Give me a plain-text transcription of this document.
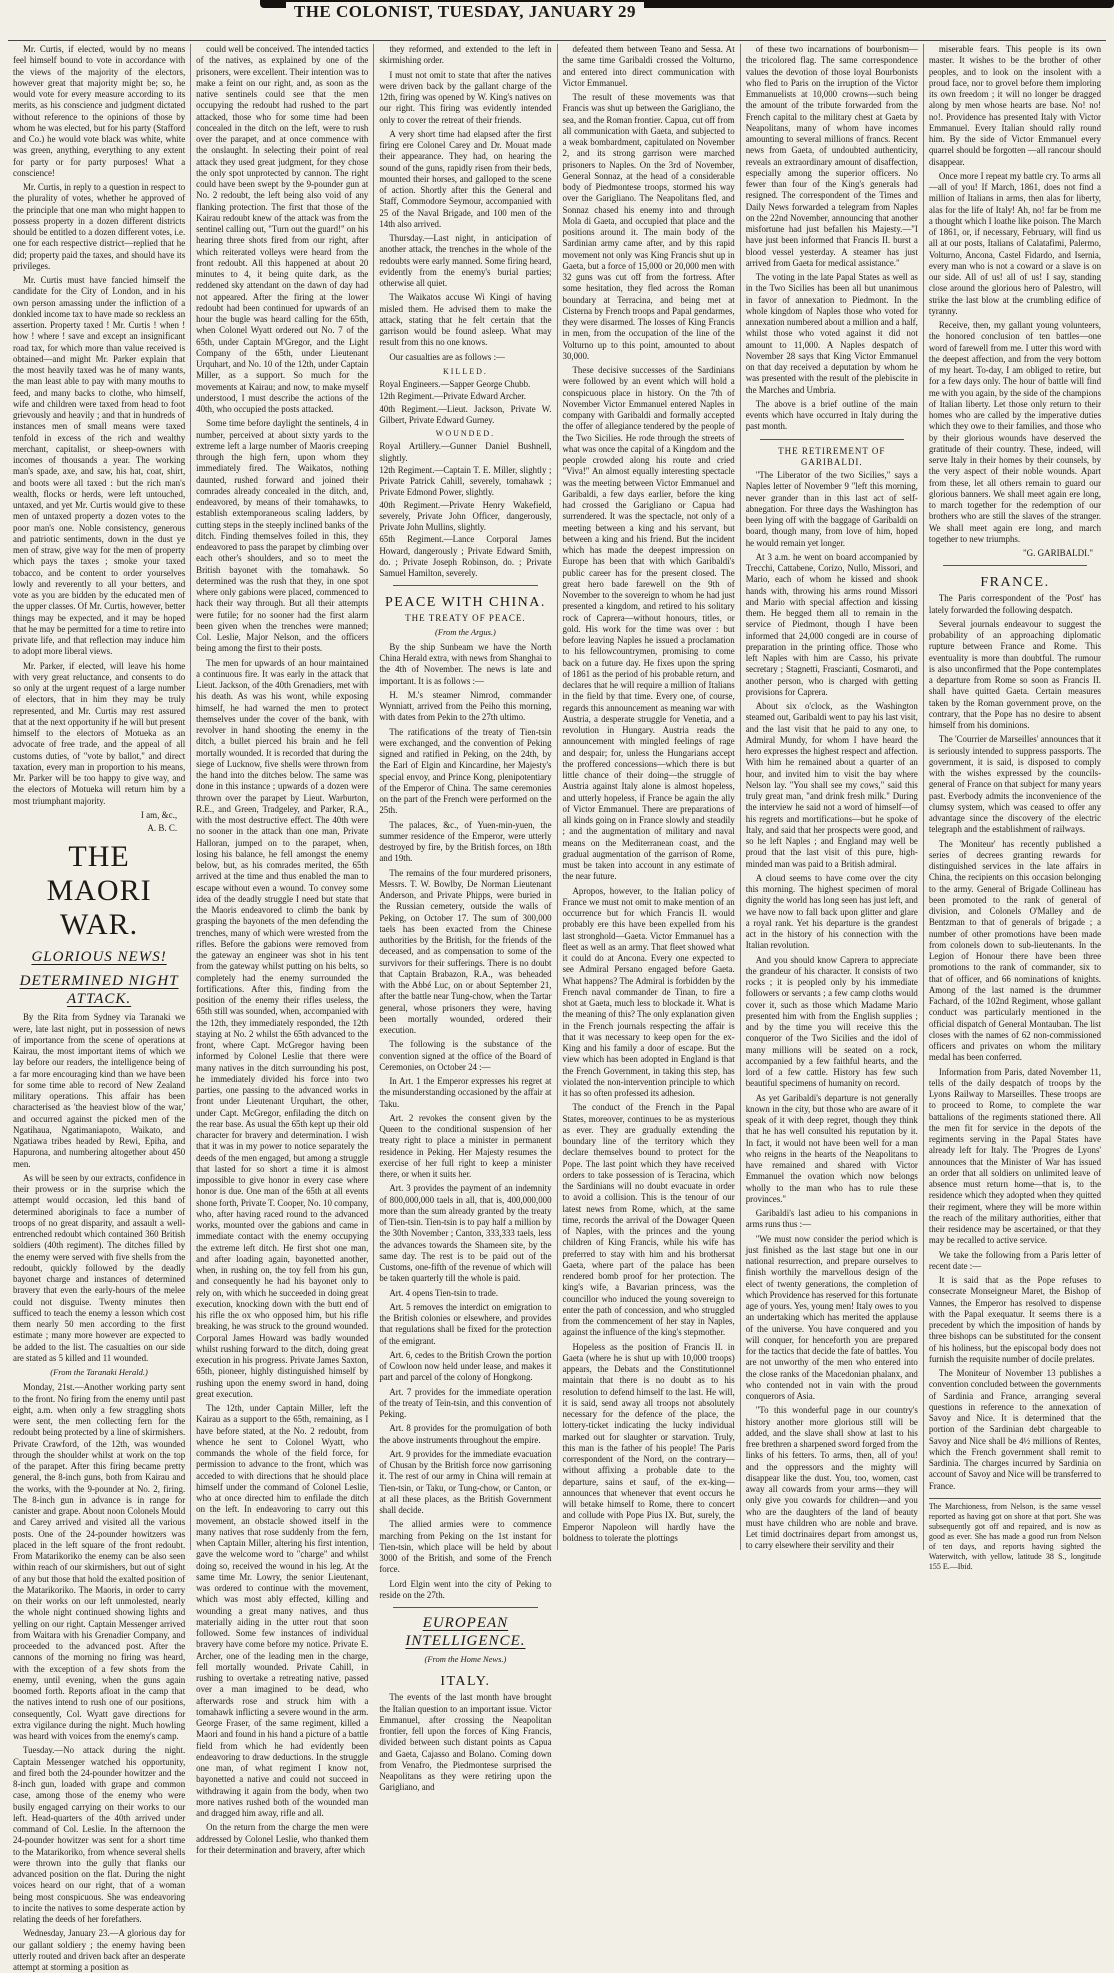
THE COLONIST, TUESDAY, JANUARY 29

Mr. Curtis, if elected, would by no means feel himself bound to vote in accordance with the views of the majority of the electors, however great that majority might be; so, he would vote for every measure according to its merits, as his conscience and judgment dictated without reference to the opinions of those by whom he was elected, but for his party (Stafford and Co.) he would vote black was white, white was green, anything, everything to any extent for party or for party purposes! What a conscience!

Mr. Curtis, in reply to a question in respect to the plurality of votes, whether he approved of the principle that one man who might happen to possess property in a dozen different districts should be entitled to a dozen different votes, i.e. one for each respective district—replied that he did; property paid the taxes, and should have its privileges.

Mr. Curtis must have fancied himself the candidate for the City of London, and in his own person amassing under the infliction of a donkled income tax to have made so reckless an assertion. Property taxed ! Mr. Curtis ! when ! how ! where ! save and except an insignificant road tax, for which more than value received is obtained—and might Mr. Parker explain that the most heavily taxed was he of many wants, the man least able to pay with many mouths to feed, and many backs to clothe, who himself, wife and children were taxed from head to foot grievously and heavily ; and that in hundreds of instances men of small means were taxed tenfold in excess of the rich and wealthy merchant, capitalist, or sheep-owners with incomes of thousands a year. The working man's spade, axe, and saw, his hat, coat, shirt, and boots were all taxed : but the rich man's wealth, flocks or herds, were left untouched, untaxed, and yet Mr. Curtis would give to these men of untaxed property a dozen votes to the poor man's one. Noble consistency, generous and patriotic sentiments, down in the dust ye men of straw, give way for the men of property which pays the taxes ; smoke your taxed tobacco, and be content to order yourselves lowly and reverently to all your betters, and vote as you are bidden by the educated men of the upper classes. Of Mr. Curtis, however, better things may be expected, and it may be hoped that he may be permitted for a time to retire into private life, and that reflection may induce him to adopt more liberal views.

Mr. Parker, if elected, will leave his home with very great reluctance, and consents to do so only at the urgent request of a large number of electors, that in him they may be truly represented, and Mr. Curtis may rest assured that at the next opportunity if he will but present himself to the electors of Motueka as an advocate of free trade, and the appeal of all customs duties, of "vote by ballot," and direct taxation, every man in proportion to his means, Mr. Parker will be too happy to give way, and the electors of Motueka will return him by a most triumphant majority.

I am, &c.,
A. B. C.
THE MAORI WAR.
GLORIOUS NEWS!
DETERMINED NIGHT ATTACK.

By the Rita from Sydney via Taranaki we were, late last night, put in possession of news of importance from the scene of operations at Kairau, the most important items of which we lay before our readers, the intelligence being of a far more encouraging kind than we have been for some time able to record of New Zealand military operations. This affair has been characterised as 'the heaviest blow of the war,' and occurred against the picked men of the Ngatihaua, Ngatimaniapoto, Waikato, and Ngatiawa tribes headed by Rewi, Epiha, and Hapurona, and numbering altogether about 450 men.

As will be seen by our extracts, confidence in their prowess or in the surprise which the attempt would occasion, led this band of determined aboriginals to face a number of troops of no great disparity, and assault a well-entrenched redoubt which contained 360 British soldiers (40th regiment). The ditches filled by the enemy were served with five shells from the redoubt, quickly followed by the deadly bayonet charge and instances of determined bravery that even the early-hours of the melee could not disguise. Twenty minutes then sufficed to teach the enemy a lesson which cost them nearly 50 men according to the first estimate ; many more however are expected to be added to the list. The casualties on our side are stated as 5 killed and 11 wounded.

(From the Taranaki Herald.)

Monday, 21st.—Another working party sent to the front. No firing from the enemy until past eight, a.m. when only a few straggling shots were sent, the men collecting fern for the redoubt being protected by a line of skirmishers. Private Crawford, of the 12th, was wounded through the shoulder whilst at work on the top of the parapet. After this firing became pretty general, the 8-inch guns, both from Kairau and the works, with the 9-pounder at No. 2, firing. The 8-inch gun in advance is in range for canister and grape. About noon Colonels Mould and Carey arrived and visited all the various posts. One of the 24-pounder howitzers was placed in the left square of the front redoubt. From Matarikoriko the enemy can be also seen within reach of our skirmishers, but out of sight of any but those that hold the exalted position of the Matarikoriko. The Maoris, in order to carry on their works on our left unmolested, nearly the whole night continued showing lights and yelling on our right. Captain Messenger arrived from Waitara with his Grenadier Company, and proceeded to the advanced post. After the cannons of the morning no firing was heard, with the exception of a few shots from the enemy, until evening, when the guns again boomed forth. Reports afloat in the camp that the natives intend to rush one of our positions, consequently, Col. Wyatt gave directions for extra vigilance during the night. Much howling was heard with voices from the enemy's camp.

Tuesday.—No attack during the night. Captain Messenger watched his opportunity, and fired both the 24-pounder howitzer and the 8-inch gun, loaded with grape and common case, among those of the enemy who were busily engaged carrying on their works to our left. Head-quarters of the 40th arrived under command of Col. Leslie. In the afternoon the 24-pounder howitzer was sent for a short time to the Matarikoriko, from whence several shells were thrown into the gully that flanks our advanced position on the flat. During the night voices heard on our right, that of a woman being most conspicuous. She was endeavoring to incite the natives to some desperate action by relating the deeds of her forefathers.

Wednesday, January 23.—A glorious day for our gallant soldiery ; the enemy having been utterly routed and driven back after an desperate attempt at storming a position as

could well be conceived. The intended tactics of the natives, as explained by one of the prisoners, were excellent. Their intention was to make a feint on our right, and, as soon as the native sentinels could see that the men occupying the redoubt had rushed to the part attacked, those who for some time had been concealed in the ditch on the left, were to rush over the parapet, and at once commence with the onslaught. In selecting their point of real attack they used great judgment, for they chose the only spot unprotected by cannon. The right could have been swept by the 9-pounder gun at No. 2 redoubt, the left being also void of any flanking protection. The first that those of the Kairau redoubt knew of the attack was from the sentinel calling out, "Turn out the guard!" on his hearing three shots fired from our right, after which reiterated volleys were heard from the front redoubt. All this happened at about 20 minutes to 4, it being quite dark, as the reddened sky attendant on the dawn of day had not appeared. After the firing at the lower redoubt had been continued for upwards of an hour the bugle was heard calling for the 65th, when Colonel Wyatt ordered out No. 7 of the 65th, under Captain M'Gregor, and the Light Company of the 65th, under Lieutenant Urquhart, and No. 10 of the 12th, under Captain Miller, as a support. So much for the movements at Kairau; and now, to make myself understood, I must describe the actions of the 40th, who occupied the posts attacked.

Some time before daylight the sentinels, 4 in number, perceived at about sixty yards to the extreme left a large number of Maoris creeping through the high fern, upon whom they immediately fired. The Waikatos, nothing daunted, rushed forward and joined their comrades already concealed in the ditch, and, endeavored, by means of their tomahawks, to establish extemporaneous scaling ladders, by cutting steps in the steeply inclined banks of the ditch. Finding themselves foiled in this, they endeavored to pass the parapet by climbing over each other's shoulders, and so to meet the British bayonet with the tomahawk. So determined was the rush that they, in one spot where only gabions were placed, commenced to hack their way through. But all their attempts were futile; for no sooner had the first alarm been given when the trenches were manned; Col. Leslie, Major Nelson, and the officers being among the first to their posts.

The men for upwards of an hour maintained a continuous fire. It was early in the attack that Lieut. Jackson, of the 40th Grenadiers, met with his death. As was his wont, while exposing himself, he had warned the men to protect themselves under the cover of the bank, with revolver in hand shooting the enemy in the ditch, a bullet pierced his brain and he fell mortally wounded. It is recorded that during the siege of Lucknow, five shells were thrown from the hand into the ditches below. The same was done in this instance ; upwards of a dozen were thrown over the parapet by Lieut. Warburton, R.E., and Green, Tradgeley, and Parker, R.A., with the most destructive effect. The 40th were no sooner in the attack than one man, Private Halloran, jumped on to the parapet, when, losing his balance, he fell amongst the enemy below, but, as his comrades merited, the 65th arrived at the time and thus enabled the man to escape without even a wound. To convey some idea of the deadly struggle I need but state that the Maoris endeavored to climb the bank by grasping the bayonets of the men defending the trenches, many of which were wrested from the rifles. Before the gabions were removed from the gateway an engineer was shot in his tent from the gateway whilst putting on his belts, so completely had the enemy surrounded the fortifications. After this, finding from the position of the enemy their rifles useless, the 65th still was sounded, when, accompanied with the 12th, they immediately responded, the 12th staying at No. 2 whilst the 65th advanced to the front, where Capt. McGregor having been informed by Colonel Leslie that there were many natives in the ditch surrounding his post, he immediately divided his force into two parties, one passing to the advanced works in front under Lieutenant Urquhart, the other, under Capt. McGregor, enfilading the ditch on the rear base. As usual the 65th kept up their old character for bravery and determination. I wish that it was in my power to notice separately the deeds of the men engaged, but among a struggle that lasted for so short a time it is almost impossible to give honor in every case where honor is due. One man of the 65th at all events shone forth, Private T. Cooper, No. 10 company, who, after having raced round to the advanced works, mounted over the gabions and came in immediate contact with the enemy occupying the extreme left ditch. He first shot one man, and after loading again, bayonetted another, when, in rushing on, the toy fell from his gun, and consequently he had his bayonet only to rely on, with which he succeeded in doing great execution, knocking down with the butt end of his rifle the ox who opposed him, but his rifle breaking, he was struck to the ground wounded. Corporal James Howard was badly wounded whilst rushing forward to the ditch, doing great execution in his progress. Private James Saxton, 65th, pioneer, highly distinguished himself by rushing upon the enemy sword in hand, doing great execution.

The 12th, under Captain Miller, left the Kairau as a support to the 65th, remaining, as I have before stated, at the No. 2 redoubt, from whence he sent to Colonel Wyatt, who commands the whole of the field force, for permission to advance to the front, which was acceded to with directions that he should place himself under the command of Colonel Leslie, who at once directed him to enfilade the ditch on the left. In endeavoring to carry out this movement, an obstacle showed itself in the many natives that rose suddenly from the fern, when Captain Miller, altering his first intention, gave the welcome word to "charge" and whilst doing so, received the wound in his leg. At the same time Mr. Lowry, the senior Lieutenant, was ordered to continue with the movement, which was most ably effected, killing and wounding a great many natives, and thus materially aiding in the utter rout that soon followed. Some few instances of individual bravery have come before my notice. Private E. Archer, one of the leading men in the charge, fell mortally wounded. Private Cahill, in rushing to overtake a retreating native, passed over a man imagined to be dead, who afterwards rose and struck him with a tomahawk inflicting a severe wound in the arm. George Fraser, of the same regiment, killed a Maori and found in his hand a picture of a battle field from which he had evidently been endeavoring to draw deductions. In the struggle one man, of what regiment I know not, bayonetted a native and could not succeed in withdrawing it again from the body, when two more natives rushed both of the wounded man and dragged him away, rifle and all.

On the return from the charge the men were addressed by Colonel Leslie, who thanked them for their determination and bravery, after which

they reformed, and extended to the left in skirmishing order.

I must not omit to state that after the natives were driven back by the gallant charge of the 12th, firing was opened by W. King's natives on our right. This firing was evidently intended only to cover the retreat of their friends.

A very short time had elapsed after the first firing ere Colonel Carey and Dr. Mouat made their appearance. They had, on hearing the sound of the guns, rapidly risen from their beds, mounted their horses, and galloped to the scene of action. Shortly after this the General and Staff, Commodore Seymour, accompanied with 25 of the Naval Brigade, and 100 men of the 14th also arrived.

Thursday.—Last night, in anticipation of another attack, the trenches in the whole of the redoubts were early manned. Some firing heard, evidently from the enemy's burial parties; otherwise all quiet.

The Waikatos accuse Wi Kingi of having misled them. He advised them to make the attack, stating that he felt certain that the garrison would be found asleep. What may result from this no one knows.

Our casualties are as follows :—

KILLED.

Royal Engineers.—Sapper George Chubb.

12th Regiment.—Private Edward Archer.

40th Regiment.—Lieut. Jackson, Private W. Gilbert, Private Edward Gurney.

WOUNDED.

Royal Artillery.—Gunner Daniel Bushnell, slightly.

12th Regiment.—Captain T. E. Miller, slightly ; Private Patrick Cahill, severely, tomahawk ; Private Edmond Power, slightly.

40th Regiment.—Private Henry Wakefield, severely, Private John Officer, dangerously, Private John Mullins, slightly.

65th Regiment.—Lance Corporal James Howard, dangerously ; Private Edward Smith, do. ; Private Joseph Robinson, do. ; Private Samuel Hamilton, severely.

PEACE WITH CHINA.
THE TREATY OF PEACE.
(From the Argus.)

By the ship Sunbeam we have the North China Herald extra, with news from Shanghai to the 4th of November. The news is late and important. It is as follows :—

H. M.'s steamer Nimrod, commander Wynniatt, arrived from the Peiho this morning, with dates from Pekin to the 27th ultimo.

The ratifications of the treaty of Tien-tsin were exchanged, and the convention of Peking signed and ratified in Peking, on the 24th, by the Earl of Elgin and Kincardine, her Majesty's special envoy, and Prince Kong, plenipotentiary of the Emperor of China. The same ceremonies on the part of the French were performed on the 25th.

The palaces, &c., of Yuen-min-yuen, the summer residence of the Emperor, were utterly destroyed by fire, by the British forces, on 18th and 19th.

The remains of the four murdered prisoners, Messrs. T. W. Bowlby, De Norman Lieutenant Anderson, and Private Phipps, were buried in the Russian cemetery, outside the walls of Peking, on October 17. The sum of 300,000 taels has been exacted from the Chinese authorities by the British, for the friends of the deceased, and as compensation to some of the survivors for their sufferings. There is no doubt that Captain Brabazon, R.A., was beheaded with the Abbé Luc, on or about September 21, after the battle near Tung-chow, when the Tartar general, whose prisoners they were, having been mortally wounded, ordered their execution.

The following is the substance of the convention signed at the office of the Board of Ceremonies, on October 24 :—

In Art. 1 the Emperor expresses his regret at the misunderstanding occasioned by the affair at Taku.

Art. 2 revokes the consent given by the Queen to the conditional suspension of her treaty right to place a minister in permanent residence in Peking. Her Majesty resumes the exercise of her full right to keep a minister there, or when it suits her.

Art. 3 provides the payment of an indemnity of 800,000,000 taels in all, that is, 400,000,000 more than the sum already granted by the treaty of Tien-tsin. Tien-tsin is to pay half a million by the 30th November ; Canton, 333,333 taels, less the advances towards the Shameen site, by the same day. The rest is to be paid out of the Customs, one-fifth of the revenue of which will be taken quarterly till the whole is paid.

Art. 4 opens Tien-tsin to trade.

Art. 5 removes the interdict on emigration to the British colonies or elsewhere, and provides that regulations shall be fixed for the protection of the emigrant.

Art. 6, cedes to the British Crown the portion of Cowloon now held under lease, and makes it part and parcel of the colony of Hongkong.

Art. 7 provides for the immediate operation of the treaty of Tein-tsin, and this convention of Peking.

Art. 8 provides for the promulgation of both the above instruments throughout the empire.

Art. 9 provides for the immediate evacuation of Chusan by the British force now garrisoning it. The rest of our army in China will remain at Tien-tsin, or Taku, or Tung-chow, or Canton, or at all these places, as the British Government shall decide.

The allied armies were to commence marching from Peking on the 1st instant for Tien-tsin, which place will be held by about 3000 of the British, and some of the French force.

Lord Elgin went into the city of Peking to reside on the 27th.

EUROPEAN INTELLIGENCE.
(From the Home News.)
ITALY.

The events of the last month have brought the Italian question to an important issue. Victor Emmanuel, after crossing the Neapolitan frontier, fell upon the forces of King Francis, divided between such distant points as Capua and Gaeta, Cajasso and Bolano. Coming down from Venafro, the Piedmontese surprised the Neapolitans as they were retiring upon the Garigliano, and

defeated them between Teano and Sessa. At the same time Garibaldi crossed the Volturno, and entered into direct communication with Victor Emmanuel.

The result of these movements was that Francis was shut up between the Garigliano, the sea, and the Roman frontier. Capua, cut off from all communication with Gaeta, and subjected to a weak bombardment, capitulated on November 2, and its strong garrison were marched prisoners to Naples. On the 3rd of November, General Sonnaz, at the head of a considerable body of Piedmontese troops, stormed his way over the Garigliano. The Neapolitans fled, and Sonnaz chased his enemy into and through Mola di Gaeta, and occupied that place and the positions around it. The main body of the Sardinian army came after, and by this rapid movement not only was King Francis shut up in Gaeta, but a force of 15,000 or 20,000 men with 32 guns was cut off from the fortress. After some hesitation, they fled across the Roman boundary at Terracina, and being met at Cisterna by French troops and Papal gendarmes, they were disarmed. The losses of King Francis in men, from the occupation of the line of the Volturno up to this point, amounted to about 30,000.

These decisive successes of the Sardinians were followed by an event which will hold a conspicuous place in history. On the 7th of November Victor Emmanuel entered Naples in company with Garibaldi and formally accepted the offer of allegiance tendered by the people of the Two Sicilies. He rode through the streets of what was once the capital of a Kingdom and the people crowded along his route and cried "Viva!" An almost equally interesting spectacle was the meeting between Victor Emmanuel and Garibaldi, a few days earlier, before the king had crossed the Garigliano or Capua had surrendered. It was the spectacle, not only of a meeting between a king and his servant, but between a king and his friend. But the incident which has made the deepest impression on Europe has been that with which Garibaldi's public career has for the present closed. The great hero bade farewell on the 9th of November to the sovereign to whom he had just presented a kingdom, and retired to his solitary rock of Caprera—without honours, titles, or gold. His work for the time was over : but before leaving Naples he issued a proclamation to his fellowcountrymen, promising to come back on a future day. He fixes upon the spring of 1861 as the period of his probable return, and declares that he will require a million of Italians in the field by that time. Every one, of course, regards this announcement as meaning war with Austria, a desperate struggle for Venetia, and a revolution in Hungary. Austria reads the announcement with mingled feelings of rage and despair; for, unless the Hungarians accept the proffered concessions—which there is but little chance of their doing—the struggle of Austria against Italy alone is almost hopeless, and utterly hopeless, if France be again the ally of Victor Emmanuel. There are preparations of all kinds going on in France slowly and steadily ; and the augmentation of military and naval means on the Mediterranean coast, and the gradual augmentation of the garrison of Rome, must be taken into account in any estimate of the near future.

Apropos, however, to the Italian policy of France we must not omit to make mention of an occurrence but for which Francis II. would probably ere this have been expelled from his last stronghold—Gaeta. Victor Emmanuel has a fleet as well as an army. That fleet showed what it could do at Ancona. Every one expected to see Admiral Persano engaged before Gaeta. What happens? The Admiral is forbidden by the French naval commander de Tinan, to fire a shot at Gaeta, much less to blockade it. What is the meaning of this? The only explanation given in the French journals respecting the affair is that it was necessary to keep open for the ex-King and his family a door of escape. But the view which has been adopted in England is that the French Government, in taking this step, has violated the non-intervention principle to which it has so often professed its adhesion.

The conduct of the French in the Papal States, moreover, continues to be as mysterious as ever. They are gradually extending the boundary line of the territory which they declare themselves bound to protect for the Pope. The last point which they have received orders to take possession of is Teracina, which the Sardinians will no doubt evacuate in order to avoid a collision. This is the tenour of our latest news from Rome, which, at the same time, records the arrival of the Dowager Queen of Naples, with the princes and the young children of King Francis, while his wife has preferred to stay with him and his brothersat Gaeta, where part of the palace has been rendered bomb proof for her protection. The king's wife, a Bavarian princess, was the councillor who induced the young sovereign to enter the path of concession, and who struggled from the commencement of her stay in Naples, against the influence of the king's stepmother.

Hopeless as the position of Francis II. in Gaeta (where he is shut up with 10,000 troops) appears, the Debats and the Constitutionnel maintain that there is no doubt as to his resolution to defend himself to the last. He will, it is said, send away all troops not absolutely necessary for the defence of the place, the lottery-ticket indicating the lucky individual marked out for slaughter or starvation. Truly, this man is the father of his people! The Paris correspondent of the Nord, on the contrary—without affixing a probable date to the departure, sains et sauf, of the ex-king—announces that whenever that event occurs he will betake himself to Rome, there to concert and collude with Pope Pius IX. But, surely, the Emperor Napoleon will hardly have the boldness to tolerate the plottings

of these two incarnations of bourbonism—the tricolored flag. The same correspondence values the devotion of those loyal Bourbonists who fled to Paris on the irruption of the Victor Emmanuelists at 10,000 crowns—such being the amount of the tribute forwarded from the French capital to the military chest at Gaeta by Neapolitans, many of whom have incomes amounting to several millions of francs. Recent news from Gaeta, of undoubted authenticity, reveals an extraordinary amount of disaffection, especially among the superior officers. No fewer than four of the King's generals had resigned. The correspondent of the Times and Daily News forwarded a telegram from Naples on the 22nd November, announcing that another misfortune had just befallen his Majesty.—"I have just been informed that Francis II. burst a blood vessel yesterday. A steamer has just arrived from Gaeta for medical assistance."

The voting in the late Papal States as well as in the Two Sicilies has been all but unanimous in favor of annexation to Piedmont. In the whole kingdom of Naples those who voted for annexation numbered about a million and a half, whilst those who voted against it did not amount to 11,000. A Naples despatch of November 28 says that King Victor Emmanuel on that day received a deputation by whom he was presented with the result of the plebiscite in the Marches and Umbria.

The above is a brief outline of the main events which have occurred in Italy during the past month.

THE RETIREMENT OF GARIBALDI.

"The Liberator of the two Sicilies," says a Naples letter of November 9 "left this morning, never grander than in this last act of self-abnegation. For three days the Washington has been lying off with the baggage of Garibaldi on board, though many, from love of him, hoped he would remain yet longer.

At 3 a.m. he went on board accompanied by Trecchi, Cattabene, Corizo, Nullo, Missori, and Mario, each of whom he kissed and shook hands with, throwing his arms round Missori and Mario with special affection and kissing them. He begged them all to remain in the service of Piedmont, though I have been informed that 24,000 congedi are in course of preparation in the printing office. Those who left Naples with him are Casso, his private secretary ; Stagnetti, Frascianti, Cosmaroti, and another person, who is charged with getting provisions for Caprera.

About six o'clock, as the Washington steamed out, Garibaldi went to pay his last visit, and the last visit that he paid to any one, to Admiral Mundy, for whom I have heard the hero expresses the highest respect and affection. With him he remained about a quarter of an hour, and invited him to visit the bay where Nelson lay. "You shall see my cows," said this truly great man, "and drink fresh milk." During the interview he said not a word of himself—of his regrets and mortifications—but he spoke of Italy, and said that her prospects were good, and so he left Naples ; and England may well be proud that the last visit of this pure, high-minded man was paid to a British admiral.

A cloud seems to have come over the city this morning. The highest specimen of moral dignity the world has long seen has just left, and we have now to fall back upon glitter and glare a royal rank. Yet his departure is the grandest act in the history of his connection with the Italian revolution.

And you should know Caprera to appreciate the grandeur of his character. It consists of two rocks ; it is peopled only by his immediate followers or servants ; a few camp cloths would cover it, such as those which Madame Mario presented him with from the English supplies ; and by the time you will receive this the conqueror of the Two Sicilies and the idol of many millions will be seated on a rock, accompanied by a few faithful hearts, and the lord of a few cattle. History has few such beautiful specimens of humanity on record.

As yet Garibaldi's departure is not generally known in the city, but those who are aware of it speak of it with deep regret, though they think that he has well consulted his reputation by it. In fact, it would not have been well for a man who reigns in the hearts of the Neapolitans to have remained and shared with Victor Emmanuel the ovation which now belongs wholly to the man who has to rule these provinces."

Garibaldi's last adieu to his companions in arms runs thus :—

"We must now consider the period which is just finished as the last stage but one in our national resurrection, and prepare ourselves to finish worthily the marvellous design of the elect of twenty generations, the completion of which Providence has reserved for this fortunate age of yours. Yes, young men! Italy owes to you an undertaking which has merited the applause of the universe. You have conquered and you will conquer, for henceforth you are prepared for the tactics that decide the fate of battles. You are not unworthy of the men who entered into the close ranks of the Macedonian phalanx, and who contended not in vain with the proud conquerors of Asia.

"To this wonderful page in our country's history another more glorious still will be added, and the slave shall show at last to his free brethren a sharpened sword forged from the links of his fetters. To arms, then, all of you! and the oppressors and the mighty will disappear like the dust. You, too, women, cast away all cowards from your arms—they will only give you cowards for children—and you who are the daughters of the land of beauty must have children who are noble and brave. Let timid doctrinaires depart from amongst us, to carry elsewhere their servility and their

miserable fears. This people is its own master. It wishes to be the brother of other peoples, and to look on the insolent with a proud face, nor to grovel before them imploring its own freedom ; it will no longer be dragged along by men whose hearts are base. No! no! no!. Providence has presented Italy with Victor Emmanuel. Every Italian should rally round him. By the side of Victor Emmanuel every quarrel should be forgotten —all rancour should disappear.

Once more I repeat my battle cry. To arms all—all of you! If March, 1861, does not find a million of Italians in arms, then alas for liberty, alas for the life of Italy! Ah, no! far be from me a thought which I loathe like poison. The March of 1861, or, if necessary, February, will find us all at our posts, Italians of Calatafimi, Palermo, Volturno, Ancona, Castel Fidardo, and Isernia, every man who is not a coward or a slave is on our side. All of us! all of us! I say, standing close around the glorious hero of Palestro, will strike the last blow at the crumbling edifice of tyranny.

Receive, then, my gallant young volunteers, the honored conclusion of ten battles—one word of farewell from me. I utter this word with the deepest affection, and from the very bottom of my heart. To-day, I am obliged to retire, but for a few days only. The hour of battle will find me with you again, by the side of the champions of Italian liberty. Let those only return to their homes who are called by the imperative duties which they owe to their families, and those who by their glorious wounds have deserved the gratitude of their country. These, indeed, will serve Italy in their homes by their counsels, by the very aspect of their noble wounds. Apart from these, let all others remain to guard our glorious banners. We shall meet again ere long, to march together for the redemption of our brothers who are still the slaves of the stranger. We shall meet again ere long, and march together to new triumphs.

"G. GARIBALDI."
FRANCE.

The Paris correspondent of the 'Post' has lately forwarded the following despatch.

Several journals endeavour to suggest the probability of an approaching diplomatic rupture between France and Rome. This eventuality is more than doubtful. The rumour is also unconfirmed that the Pope contemplates a departure from Rome so soon as Francis II. shall have quitted Gaeta. Certain measures taken by the Roman government prove, on the contrary, that the Pope has no desire to absent himself from his dominions.

The 'Courrier de Marseilles' announces that it is seriously intended to suppress passports. The government, it is said, is disposed to comply with the wishes expressed by the councils-general of France on that subject for many years past. Everbody admits the inconvenience of the clumsy system, which was ceased to offer any advantage since the discovery of the electric telegraph and the establishment of railways.

The 'Moniteur' has recently published a series of decrees granting rewards for distinguished services in the late affairs in China, the recipients on this occasion belonging to the army. General of Brigade Collineau has been promoted to the rank of general of division, and Colonels O'Malley and de Bentzman to that of generals of brigade ; a number of other promotions have been made from colonels down to sub-lieutenants. In the Legion of Honour there have been three promotions to the rank of commander, six to that of officer, and 66 nominations of knights. Among of the last named is the drummer Fachard, of the 102nd Regiment, whose gallant conduct was particularly mentioned in the official dispatch of General Montauban. The list closes with the names of 62 non-commissioned officers and privates on whom the military medal has been conferred.

Information from Paris, dated November 11, tells of the daily despatch of troops by the Lyons Railway to Marseilles. These troops are to proceed to Rome, to complete the war battalions of the regiments stationed there. All the men fit for service in the depots of the regiments serving in the Papal States have already left for Italy. The 'Progres de Lyons' announces that the Minister of War has issued an order that all soldiers on unlimited leave of absence must return home—that is, to the residence which they adopted when they quitted their regiment, where they will be more within the reach of the military authorities, either that their residence may be ascertained, or that they may be recalled to active service.

We take the following from a Paris letter of recent date :—

It is said that as the Pope refuses to consecrate Monseigneur Maret, the Bishop of Vannes, the Emperor has resolved to dispense with the Papal exequatur. It seems there is a precedent by which the imposition of hands by three bishops can be substituted for the consent of his holiness, but the episcopal body does not furnish the requisite number of docile prelates.

The Moniteur of November 13 publishes a convention concluded between the governments of Sardinia and France, arranging several questions in reference to the annexation of Savoy and Nice. It is determined that the portion of the Sardinian debt chargeable to Savoy and Nice shall be 4½ millions of Rentes, which the French government shall remit to Sardinia. The charges incurred by Sardinia on account of Savoy and Nice will be transferred to France.

The Marchioness, from Nelson, is the same vessel reported as having got on shore at that port. She was subsequently got off and repaired, and is now as good as ever. She has made a good run from Nelson of ten days, and reports having sighted the Waterwitch, with yellow, latitude 38 S., longitude 155 E.—Ibid.
